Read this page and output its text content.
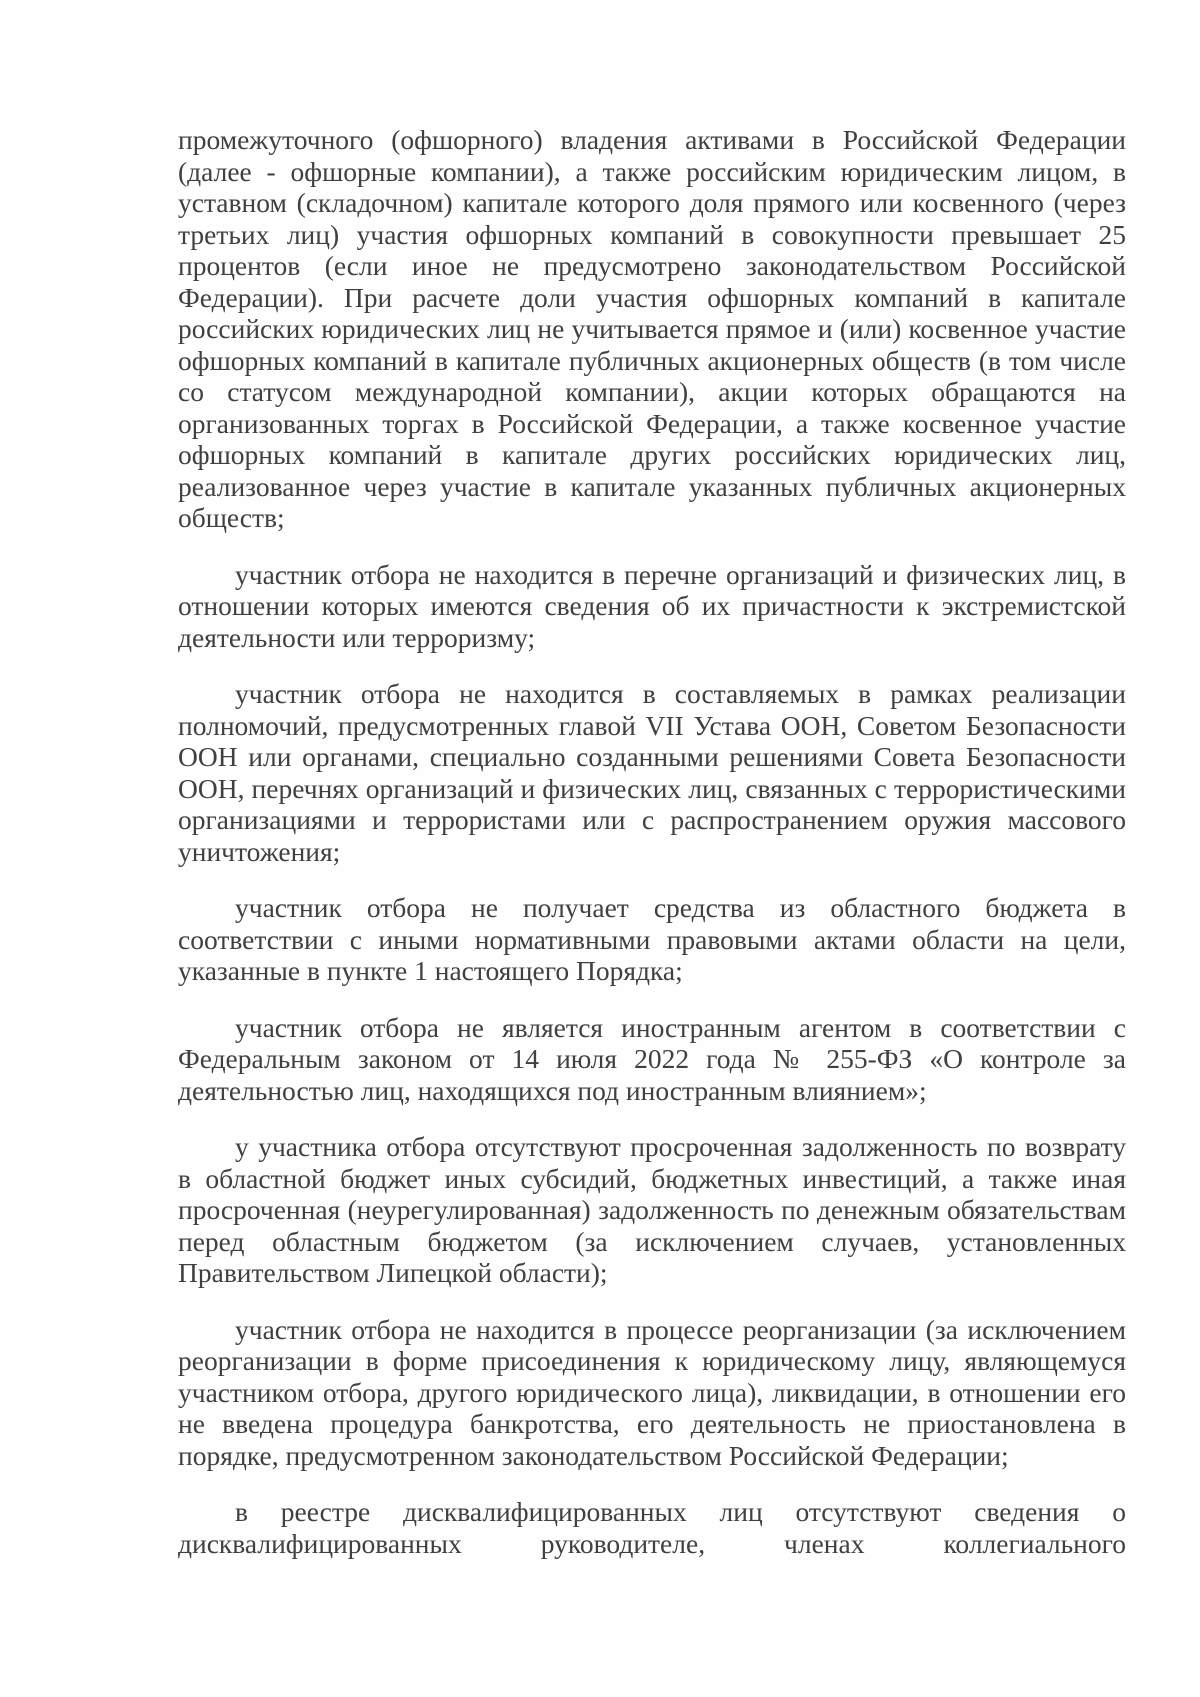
промежуточного (офшорного) владения активами в Российской Федерации (далее - офшорные компании), а также российским юридическим лицом, в уставном (складочном) капитале которого доля прямого или косвенного (через третьих лиц) участия офшорных компаний в совокупности превышает 25 процентов (если иное не предусмотрено законодательством Российской Федерации). При расчете доли участия офшорных компаний в капитале российских юридических лиц не учитывается прямое и (или) косвенное участие офшорных компаний в капитале публичных акционерных обществ (в том числе со статусом международной компании), акции которых обращаются на организованных торгах в Российской Федерации, а также косвенное участие офшорных компаний в капитале других российских юридических лиц, реализованное через участие в капитале указанных публичных акционерных обществ;

участник отбора не находится в перечне организаций и физических лиц, в отношении которых имеются сведения об их причастности к экстремистской деятельности или терроризму;

участник отбора не находится в составляемых в рамках реализации полномочий, предусмотренных главой VII Устава ООН, Советом Безопасности ООН или органами, специально созданными решениями Совета Безопасности ООН, перечнях организаций и физических лиц, связанных с террористическими организациями и террористами или с распространением оружия массового уничтожения;

участник отбора не получает средства из областного бюджета в соответствии с иными нормативными правовыми актами области на цели, указанные в пункте 1 настоящего Порядка;

участник отбора не является иностранным агентом в соответствии с Федеральным законом от 14 июля 2022 года № 255-ФЗ «О контроле за деятельностью лиц, находящихся под иностранным влиянием»;

у участника отбора отсутствуют просроченная задолженность по возврату в областной бюджет иных субсидий, бюджетных инвестиций, а также иная просроченная (неурегулированная) задолженность по денежным обязательствам перед областным бюджетом (за исключением случаев, установленных Правительством Липецкой области);

участник отбора не находится в процессе реорганизации (за исключением реорганизации в форме присоединения к юридическому лицу, являющемуся участником отбора, другого юридического лица), ликвидации, в отношении его не введена процедура банкротства, его деятельность не приостановлена в порядке, предусмотренном законодательством Российской Федерации;

в реестре дисквалифицированных лиц отсутствуют сведения о дисквалифицированных руководителе, членах коллегиального
